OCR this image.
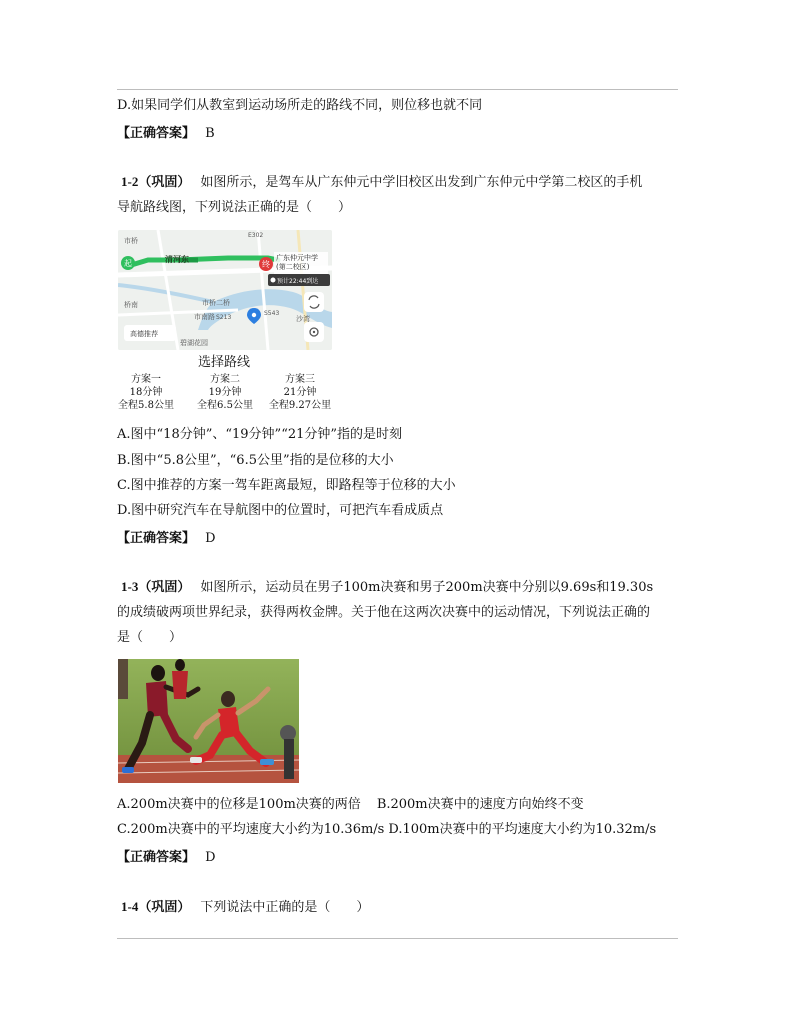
D.如果同学们从教室到运动场所走的路线不同，则位移也就不同
【正确答案】 B
1-2（巩固） 如图所示，是驾车从广东仲元中学旧校区出发到广东仲元中学第二校区的手机
导航路线图，下列说法正确的是（　　）
起	终
清河东
E302
广东仲元中学
(第二校区)
预计22:44到达
市桥
市桥二桥
市南路 S213
S543
桥南
碧湖花园
沙湾
高德推荐
选择路线
方案一
18分钟
全程5.8公里
方案二
19分钟
全程6.5公里
方案三
21分钟
全程9.27公里
A.图中“18分钟”、“19分钟”“21分钟”指的是时刻
B.图中“5.8公里”，“6.5公里”指的是位移的大小
C.图中推荐的方案一驾车距离最短，即路程等于位移的大小
D.图中研究汽车在导航图中的位置时，可把汽车看成质点
【正确答案】 D
1-3（巩固） 如图所示，运动员在男子100m决赛和男子200m决赛中分别以9.69s和19.30s
的成绩破两项世界纪录，获得两枚金牌。关于他在这两次决赛中的运动情况，下列说法正确的
是（　　）
A.200m决赛中的位移是100m决赛的两倍 B.200m决赛中的速度方向始终不变
C.200m决赛中的平均速度大小约为10.36m/s D.100m决赛中的平均速度大小约为10.32m/s
【正确答案】 D
1-4（巩固） 下列说法中正确的是（　　）
